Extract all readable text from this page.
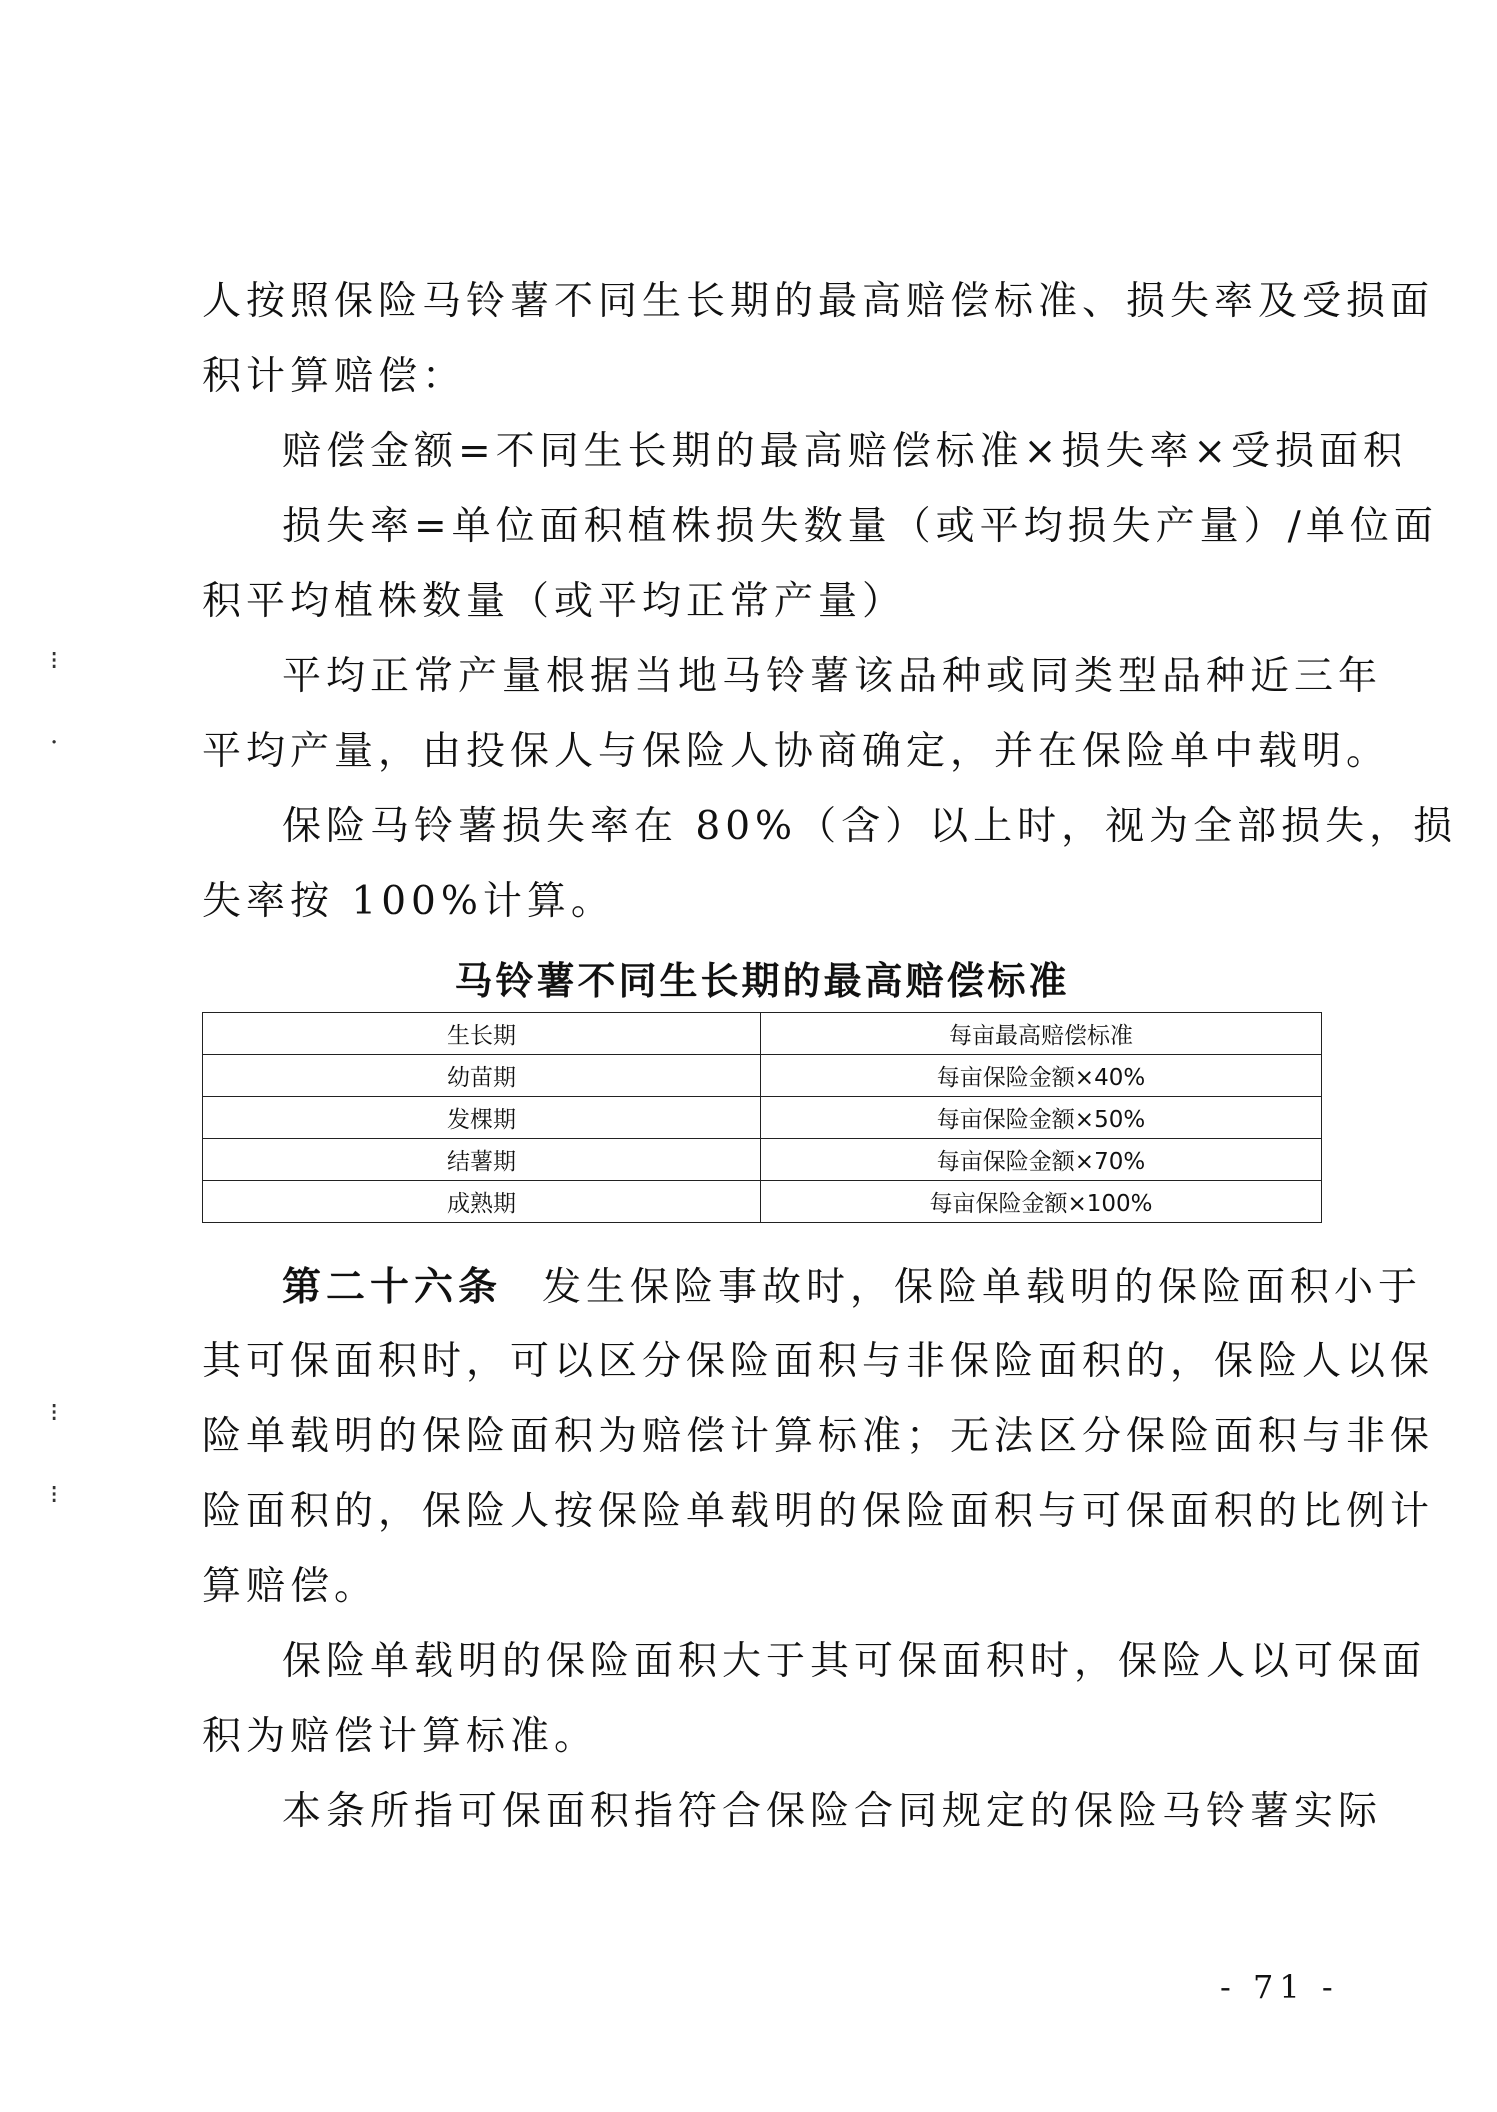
⁝
·
⁝
⁝
人按照保险马铃薯不同生长期的最高赔偿标准、损失率及受损面
积计算赔偿：
赔偿金额=不同生长期的最高赔偿标准×损失率×受损面积
损失率=单位面积植株损失数量（或平均损失产量）/单位面
积平均植株数量（或平均正常产量）
平均正常产量根据当地马铃薯该品种或同类型品种近三年
平均产量，由投保人与保险人协商确定，并在保险单中载明。
保险马铃薯损失率在 80%（含）以上时，视为全部损失，损
失率按 100%计算。
马铃薯不同生长期的最高赔偿标准
生长期	每亩最高赔偿标准
幼苗期	每亩保险金额×40%
发棵期	每亩保险金额×50%
结薯期	每亩保险金额×70%
成熟期	每亩保险金额×100%
第二十六条 发生保险事故时，保险单载明的保险面积小于
其可保面积时，可以区分保险面积与非保险面积的，保险人以保
险单载明的保险面积为赔偿计算标准；无法区分保险面积与非保
险面积的，保险人按保险单载明的保险面积与可保面积的比例计
算赔偿。
保险单载明的保险面积大于其可保面积时，保险人以可保面
积为赔偿计算标准。
本条所指可保面积指符合保险合同规定的保险马铃薯实际
- 71 -
